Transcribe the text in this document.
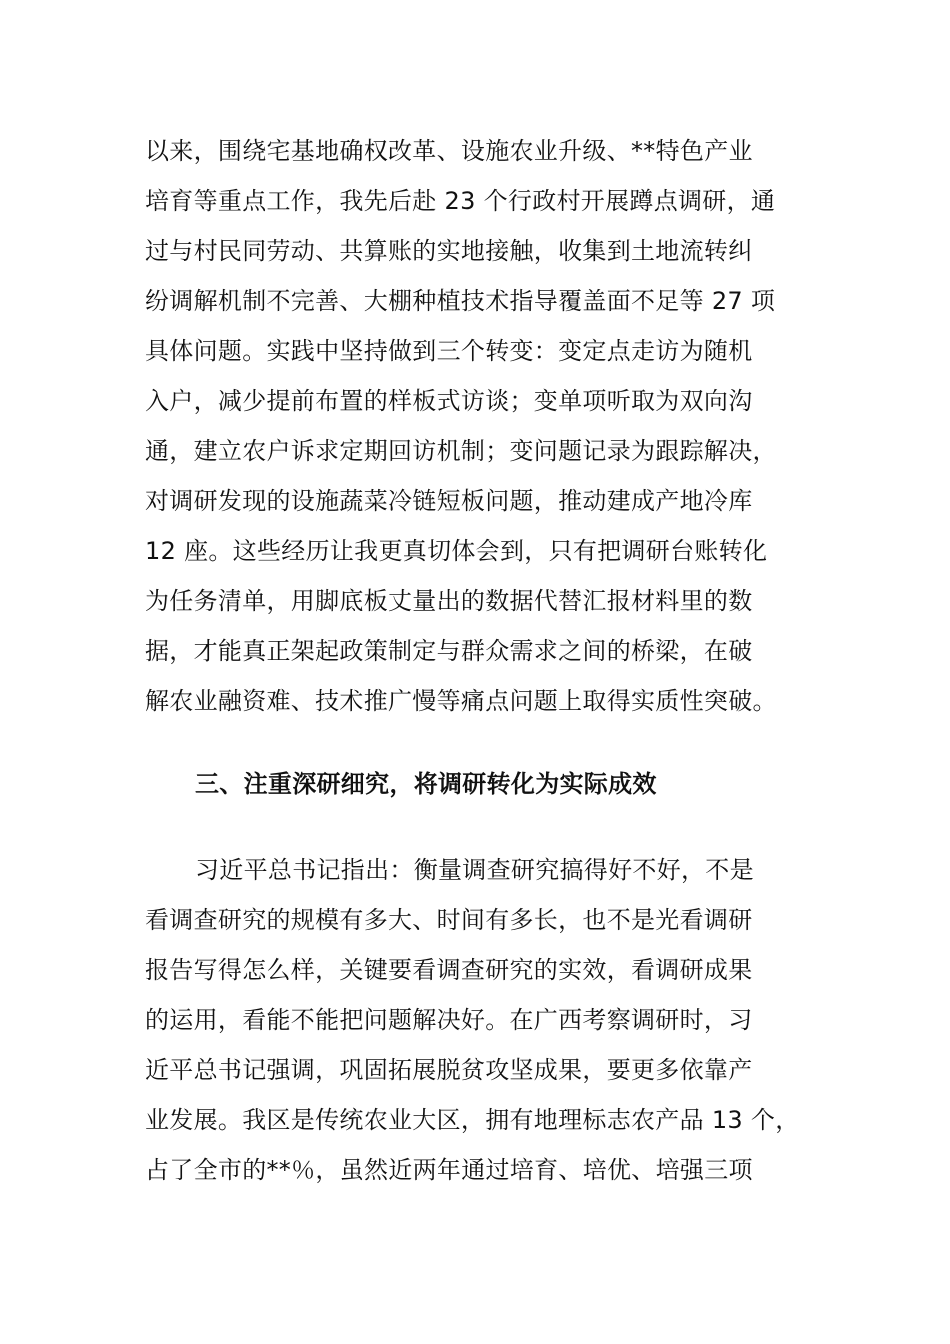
以来，围绕宅基地确权改革、设施农业升级、**特色产业
培育等重点工作，我先后赴 23 个行政村开展蹲点调研，通
过与村民同劳动、共算账的实地接触，收集到土地流转纠
纷调解机制不完善、大棚种植技术指导覆盖面不足等 27 项
具体问题。实践中坚持做到三个转变：变定点走访为随机
入户，减少提前布置的样板式访谈；变单项听取为双向沟
通，建立农户诉求定期回访机制；变问题记录为跟踪解决，
对调研发现的设施蔬菜冷链短板问题，推动建成产地冷库
12 座。这些经历让我更真切体会到，只有把调研台账转化
为任务清单，用脚底板丈量出的数据代替汇报材料里的数
据，才能真正架起政策制定与群众需求之间的桥梁，在破
解农业融资难、技术推广慢等痛点问题上取得实质性突破。
三、注重深研细究，将调研转化为实际成效
习近平总书记指出：衡量调查研究搞得好不好，不是
看调查研究的规模有多大、时间有多长，也不是光看调研
报告写得怎么样，关键要看调查研究的实效，看调研成果
的运用，看能不能把问题解决好。在广西考察调研时，习
近平总书记强调，巩固拓展脱贫攻坚成果，要更多依靠产
业发展。我区是传统农业大区，拥有地理标志农产品 13 个，
占了全市的**％，虽然近两年通过培育、培优、培强三项
